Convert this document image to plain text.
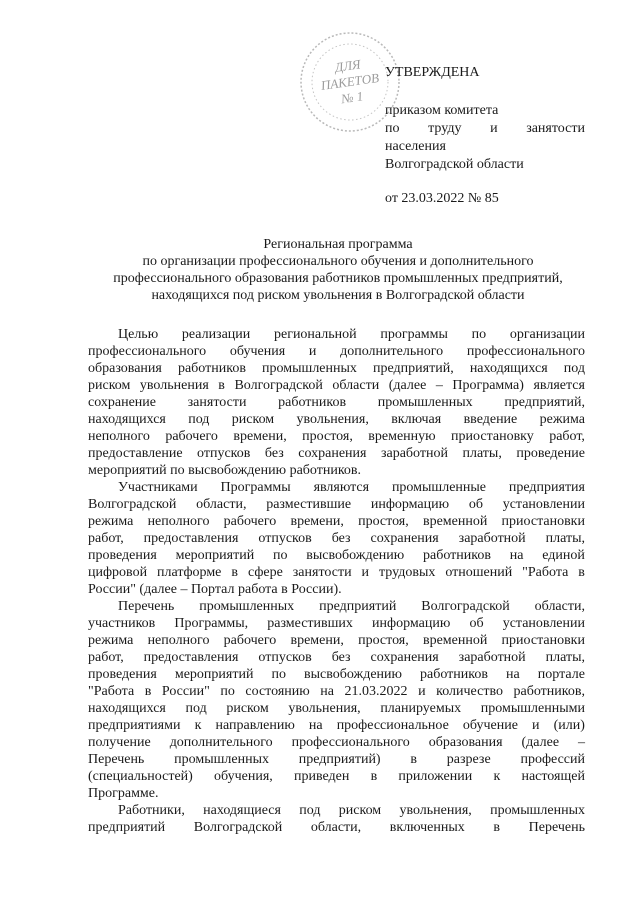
ДЛЯ
ПАКЕТОВ
№ 1
УТВЕРЖДЕНА
приказом комитета
по труду и занятости
населения
Волгоградской области
от 23.03.2022 № 85
Региональная программа
по организации профессионального обучения и дополнительного
профессионального образования работников промышленных предприятий,
находящихся под риском увольнения в Волгоградской области
Целью реализации региональной программы по организации
профессионального обучения и дополнительного профессионального
образования работников промышленных предприятий, находящихся под
риском увольнения в Волгоградской области (далее – Программа) является
сохранение занятости работников промышленных предприятий,
находящихся под риском увольнения, включая введение режима
неполного рабочего времени, простоя, временную приостановку работ,
предоставление отпусков без сохранения заработной платы, проведение
мероприятий по высвобождению работников.
Участниками Программы являются промышленные предприятия
Волгоградской области, разместившие информацию об установлении
режима неполного рабочего времени, простоя, временной приостановки
работ, предоставления отпусков без сохранения заработной платы,
проведения мероприятий по высвобождению работников на единой
цифровой платформе в сфере занятости и трудовых отношений "Работа в
России" (далее – Портал работа в России).
Перечень промышленных предприятий Волгоградской области,
участников Программы, разместивших информацию об установлении
режима неполного рабочего времени, простоя, временной приостановки
работ, предоставления отпусков без сохранения заработной платы,
проведения мероприятий по высвобождению работников на портале
"Работа в России" по состоянию на 21.03.2022 и количество работников,
находящихся под риском увольнения, планируемых промышленными
предприятиями к направлению на профессиональное обучение и (или)
получение дополнительного профессионального образования (далее –
Перечень промышленных предприятий) в разрезе профессий
(специальностей) обучения, приведен в приложении к настоящей
Программе.
Работники, находящиеся под риском увольнения, промышленных
предприятий Волгоградской области, включенных в Перечень
